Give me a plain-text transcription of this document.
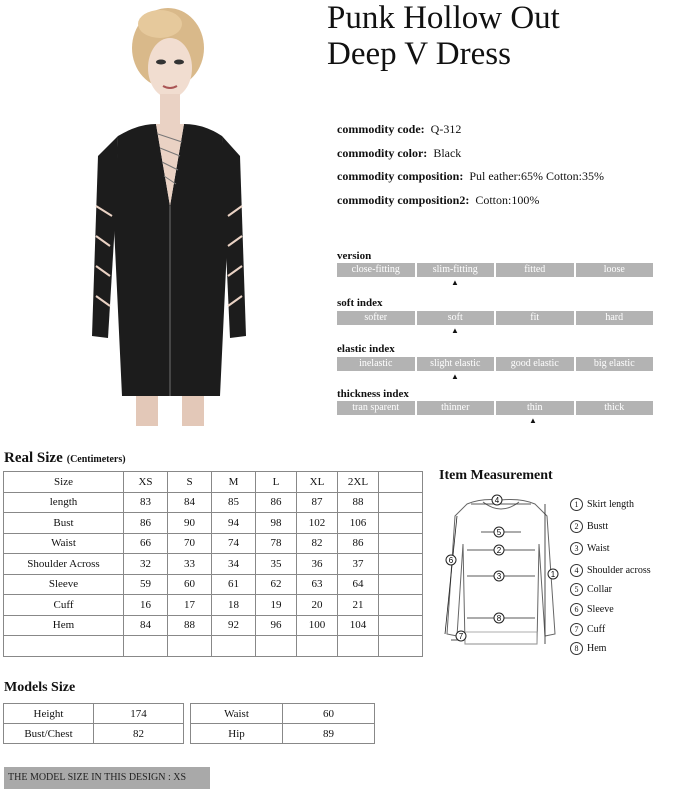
Punk Hollow Out
Deep V Dress
commodity code: Q-312
commodity color: Black
commodity composition: Pul eather:65% Cotton:35%
commodity composition2: Cotton:100%
version
close-fitting	slim-fitting	fitted	loose
▲
soft index
softer	soft	fit	hard
▲
elastic index
inelastic	slight elastic	good elastic	big elastic
▲
thickness index
tran sparent	thinner	thin	thick
▲
Real Size (Centimeters)
Size	XS	S	M	L	XL	2XL	
length	83	84	85	86	87	88	
Bust	86	90	94	98	102	106	
Waist	66	70	74	78	82	86	
Shoulder Across	32	33	34	35	36	37	
Sleeve	59	60	61	62	63	64	
Cuff	16	17	18	19	20	21	
Hem	84	88	92	96	100	104	

Models Size
Height	174
Bust/Chest	82
Waist	60
Hip	89
THE MODEL SIZE IN THIS DESIGN : XS
Item Measurement
4
5
2
3
8
1
6
7
1 Skirt length
2 Bustt
3 Waist
4 Shoulder across
5 Collar
6 Sleeve
7 Cuff
8 Hem
